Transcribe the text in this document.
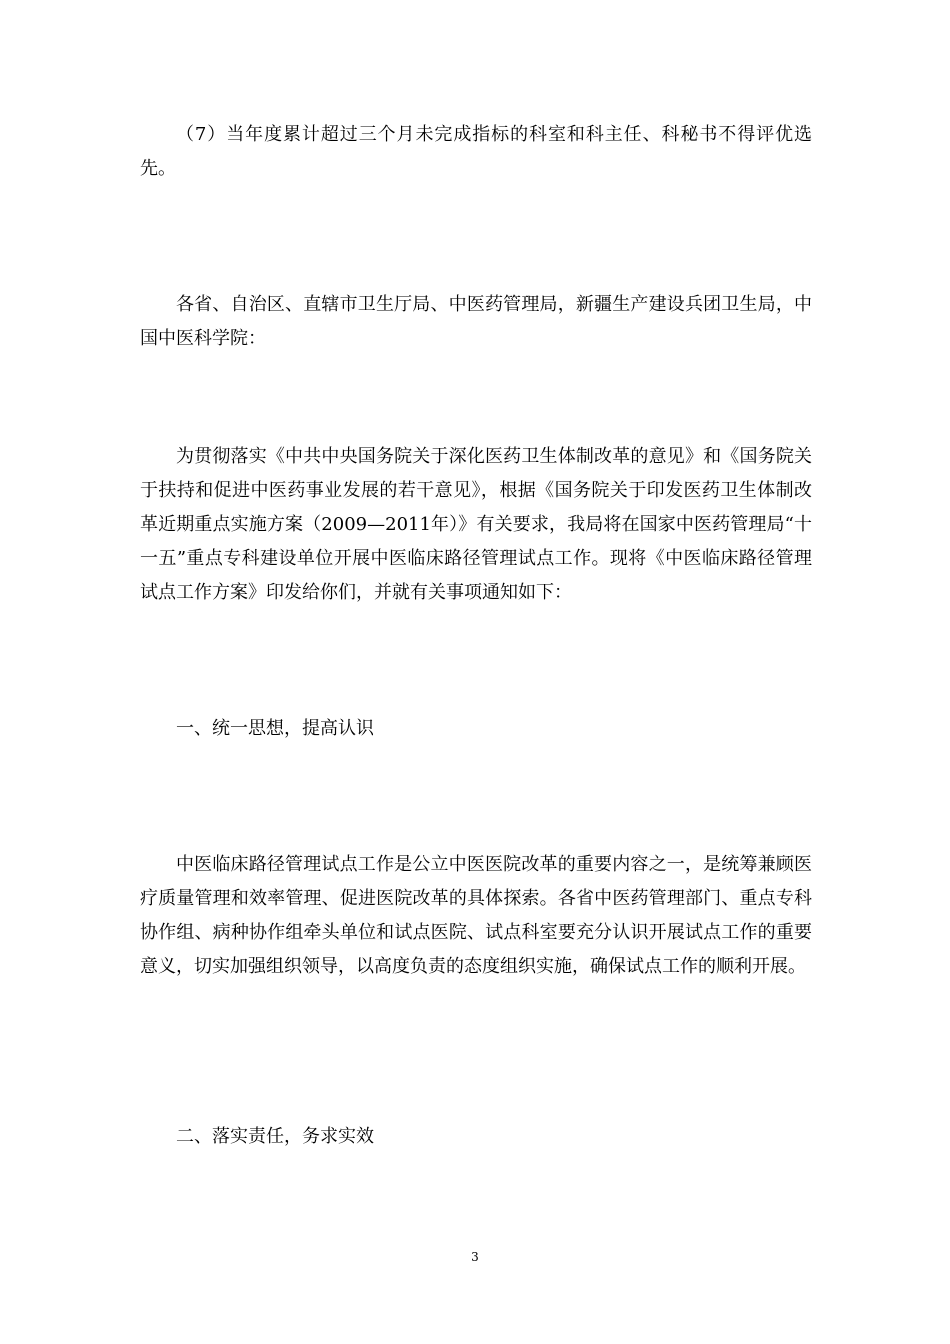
（7）当年度累计超过三个月未完成指标的科室和科主任、科秘书不得评优选先。

各省、自治区、直辖市卫生厅局、中医药管理局，新疆生产建设兵团卫生局，中国中医科学院：

为贯彻落实《中共中央国务院关于深化医药卫生体制改革的意见》和《国务院关于扶持和促进中医药事业发展的若干意见》，根据《国务院关于印发医药卫生体制改革近期重点实施方案（2009—2011年）》有关要求，我局将在国家中医药管理局“十一五”重点专科建设单位开展中医临床路径管理试点工作。现将《中医临床路径管理试点工作方案》印发给你们，并就有关事项通知如下：

一、统一思想，提高认识

中医临床路径管理试点工作是公立中医医院改革的重要内容之一，是统筹兼顾医疗质量管理和效率管理、促进医院改革的具体探索。各省中医药管理部门、重点专科协作组、病种协作组牵头单位和试点医院、试点科室要充分认识开展试点工作的重要意义，切实加强组织领导，以高度负责的态度组织实施，确保试点工作的顺利开展。

二、落实责任，务求实效

3
